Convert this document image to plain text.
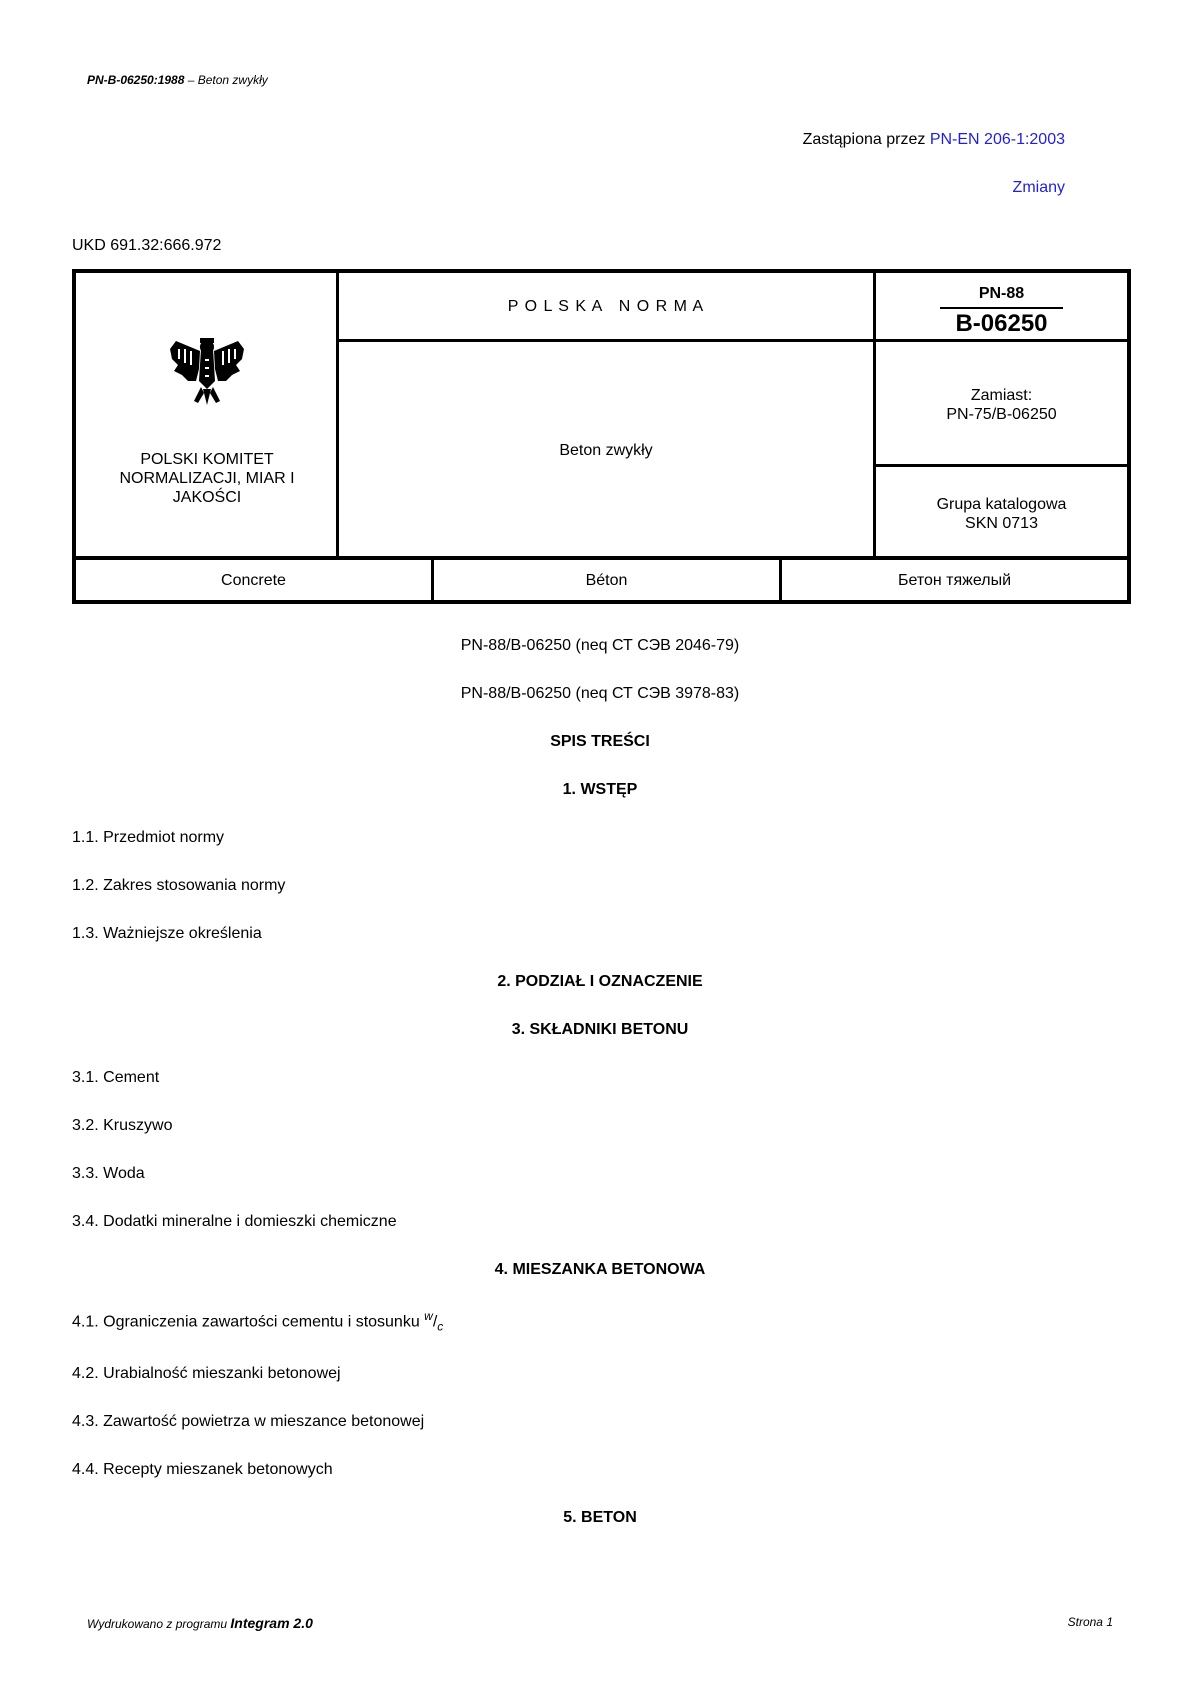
PN-B-06250:1988 – Beton zwykły
Zastąpiona przez PN-EN 206-1:2003
Zmiany
UKD 691.32:666.972
POLSKI KOMITET NORMALIZACJI, MIAR I JAKOŚCI
P O L S K A   N O R M A
PN-88
B-06250
Beton zwykły
Zamiast:
PN-75/B-06250
Grupa katalogowa
SKN 0713
Concrete	Béton	Бетон тяжелый
PN-88/B-06250 (neq СТ СЭВ 2046-79)
PN-88/B-06250 (neq СТ СЭВ 3978-83)
SPIS TREŚCI
1. WSTĘP
1.1. Przedmiot normy
1.2. Zakres stosowania normy
1.3. Ważniejsze określenia
2. PODZIAŁ I OZNACZENIE
3. SKŁADNIKI BETONU
3.1. Cement
3.2. Kruszywo
3.3. Woda
3.4. Dodatki mineralne i domieszki chemiczne
4. MIESZANKA BETONOWA
4.1. Ograniczenia zawartości cementu i stosunku $^w/_c$
4.2. Urabialność mieszanki betonowej
4.3. Zawartość powietrza w mieszance betonowej
4.4. Recepty mieszanek betonowych
5. BETON
Wydrukowano z programu Integram 2.0	Strona 1
